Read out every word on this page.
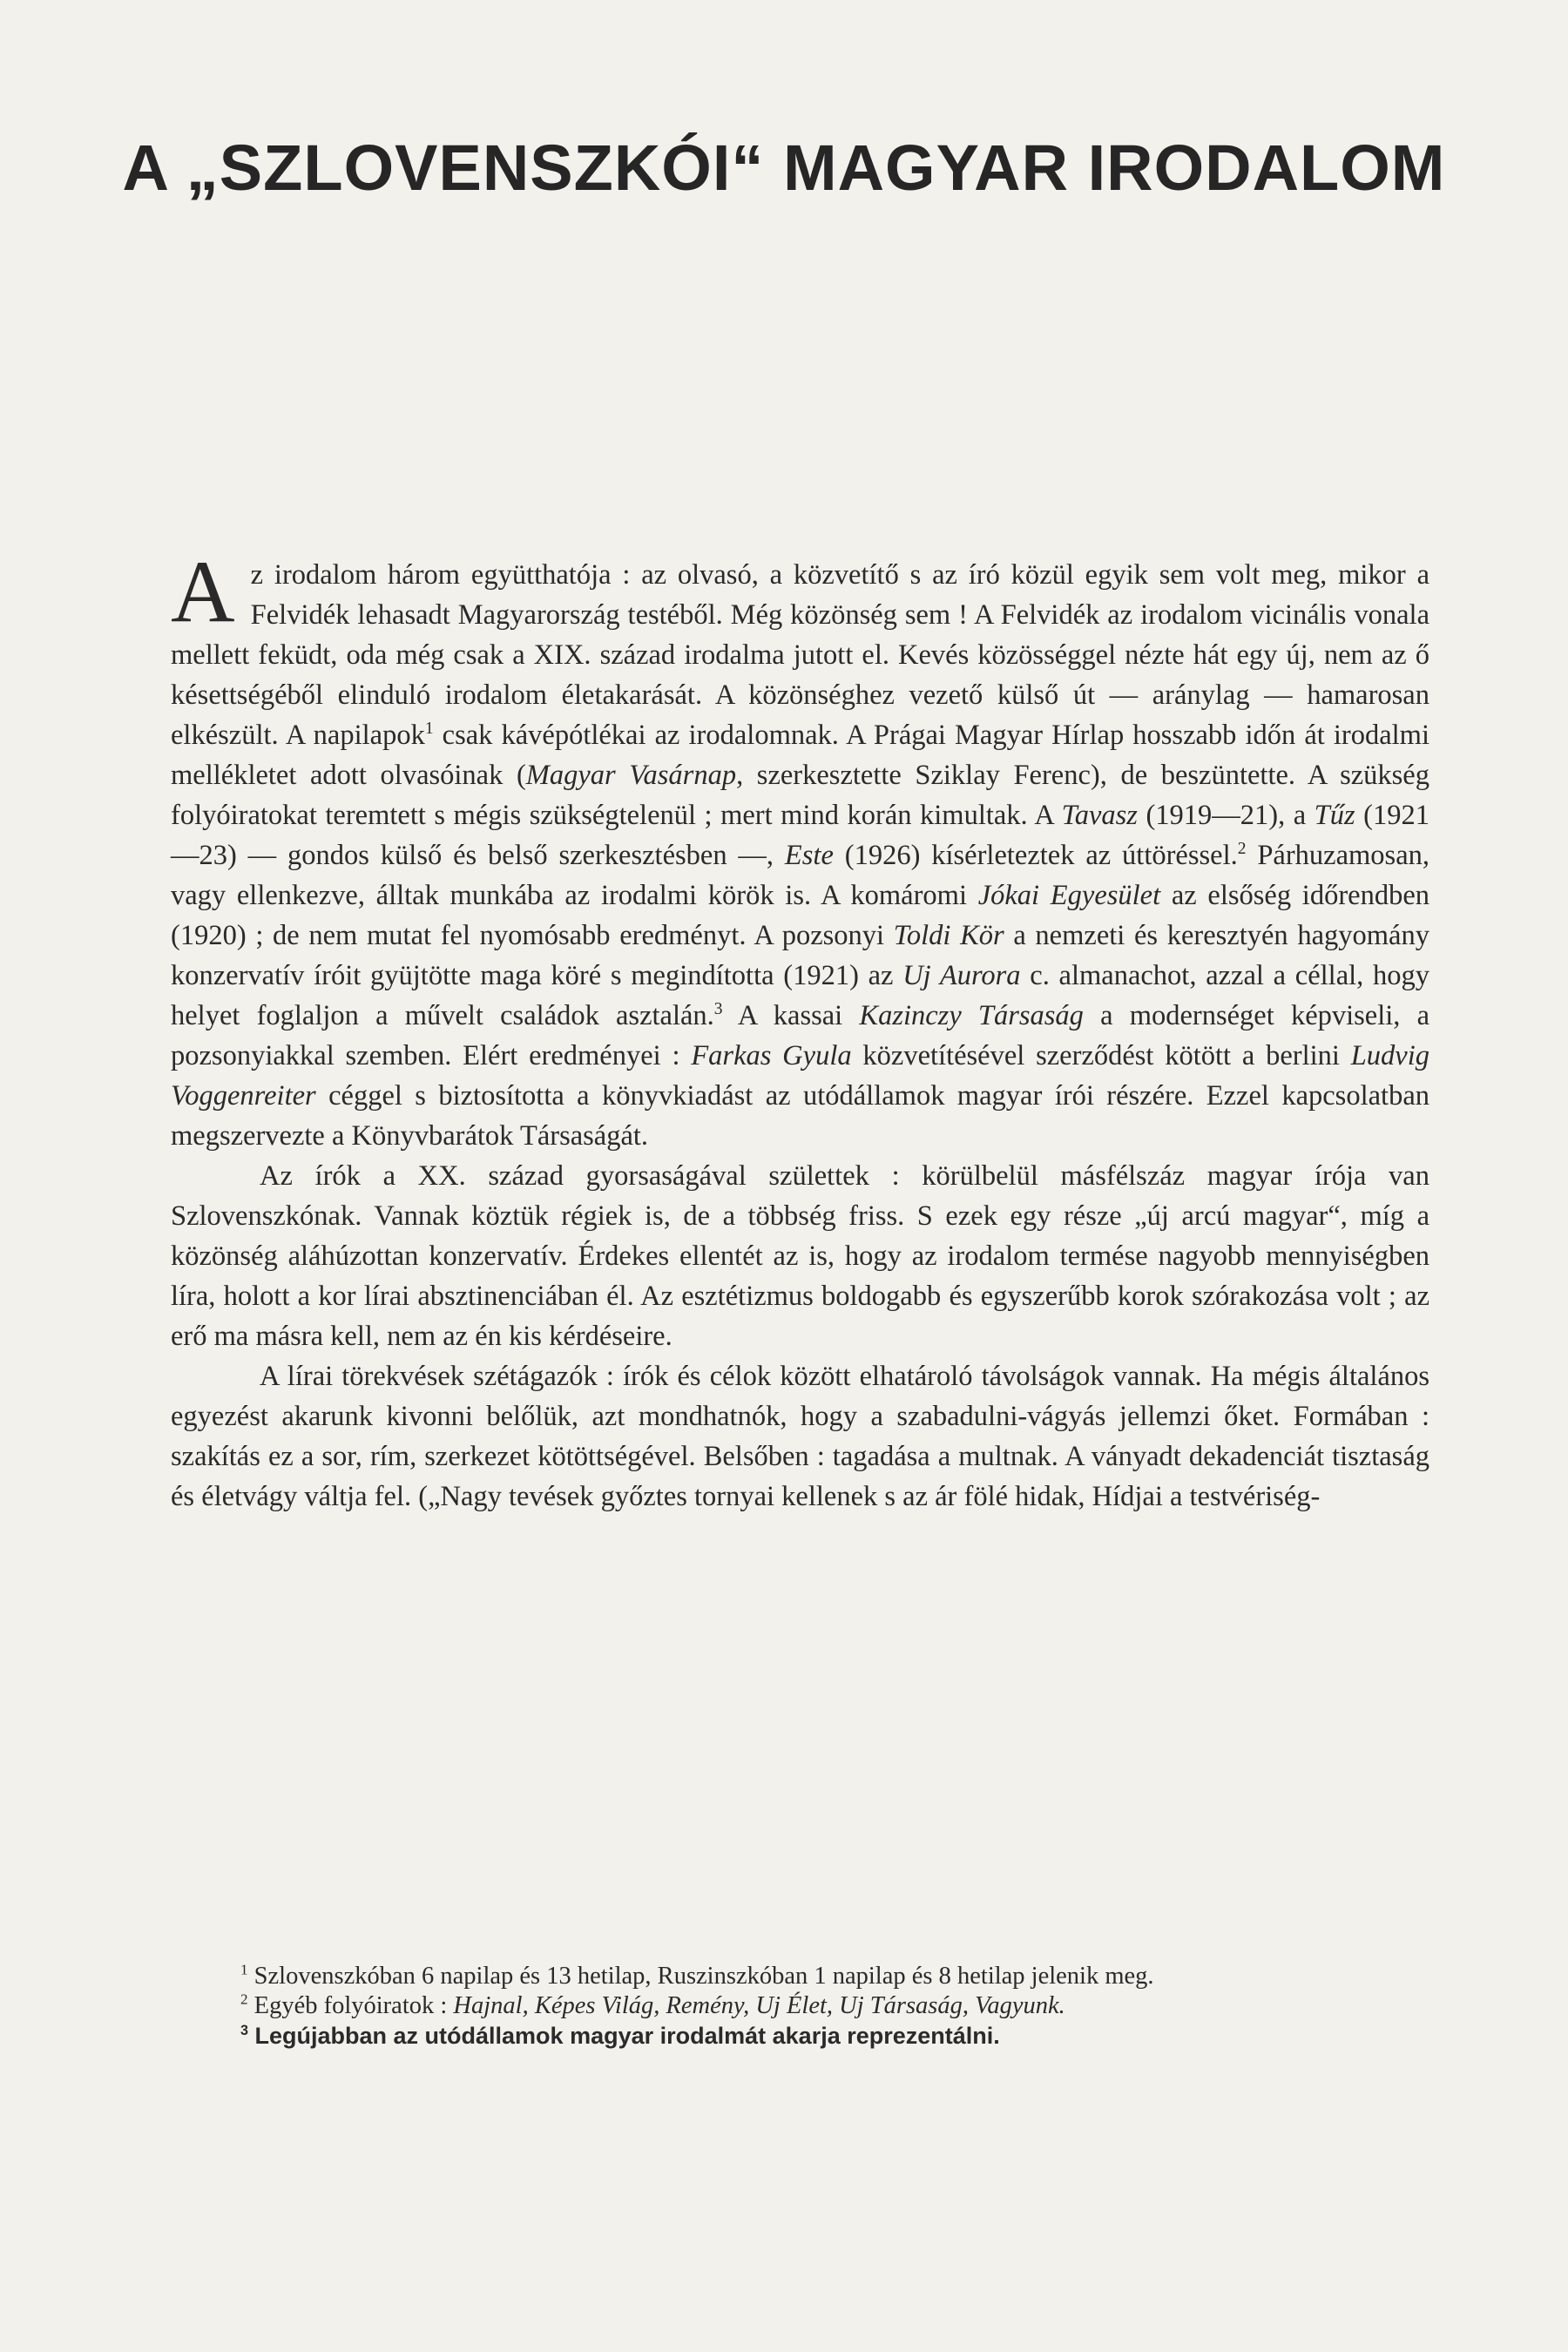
A „SZLOVENSZKÓI“ MAGYAR IRODALOM

A z irodalom három együtthatója : az olvasó, a közvetítő s az író közül egyik sem volt meg, mikor a Felvidék lehasadt Magyarország testéből. Még közönség sem ! A Felvidék az irodalom vicinális vonala mellett feküdt, oda még csak a XIX. század irodalma jutott el. Kevés közösséggel nézte hát egy új, nem az ő késettségéből elinduló irodalom életakarását. A közönséghez vezető külső út — aránylag — hamarosan elkészült. A napilapok$^1$ csak kávépótlékai az irodalomnak. A Prágai Magyar Hírlap hosszabb időn át irodalmi mellékletet adott olvasóinak (Magyar Vasárnap, szerkesztette Sziklay Ferenc), de beszüntette. A szükség folyóiratokat teremtett s mégis szükségtelenül ; mert mind korán kimultak. A Tavasz (1919—21), a Tűz (1921—23) — gondos külső és belső szerkesztésben —, Este (1926) kísérleteztek az úttöréssel.$^2$ Párhuzamosan, vagy ellenkezve, álltak munkába az irodalmi körök is. A komáromi Jókai Egyesület az elsőség időrendben (1920) ; de nem mutat fel nyomósabb eredményt. A pozsonyi Toldi Kör a nemzeti és keresztyén hagyomány konzervatív íróit gyüjtötte maga köré s megindította (1921) az Uj Aurora c. almanachot, azzal a céllal, hogy helyet foglaljon a művelt családok asztalán.$^3$ A kassai Kazinczy Társaság a modernséget képviseli, a pozsonyiakkal szemben. Elért eredményei : Farkas Gyula közvetítésével szerződést kötött a berlini Ludvig Voggenreiter céggel s biztosította a könyvkiadást az utódállamok magyar írói részére. Ezzel kapcsolatban megszervezte a Könyvbarátok Társaságát.

Az írók a XX. század gyorsaságával születtek : körülbelül másfélszáz magyar írója van Szlovenszkónak. Vannak köztük régiek is, de a többség friss. S ezek egy része „új arcú magyar“, míg a közönség aláhúzottan konzervatív. Érdekes ellentét az is, hogy az irodalom termése nagyobb mennyiségben líra, holott a kor lírai absztinenciában él. Az esztétizmus boldogabb és egyszerűbb korok szórakozása volt ; az erő ma másra kell, nem az én kis kérdéseire.

A lírai törekvések szétágazók : írók és célok között elhatároló távolságok vannak. Ha mégis általános egyezést akarunk kivonni belőlük, azt mondhatnók, hogy a szabadulni-vágyás jellemzi őket. Formában : szakítás ez a sor, rím, szerkezet kötöttségével. Belsőben : tagadása a multnak. A ványadt dekadenciát tisztaság és életvágy váltja fel. („Nagy tevések győztes tornyai kellenek s az ár fölé hidak, Hídjai a testvériség-

$^1$ Szlovenszkóban 6 napilap és 13 hetilap, Ruszinszkóban 1 napilap és 8 hetilap jelenik meg.

$^2$ Egyéb folyóiratok : Hajnal, Képes Világ, Remény, Uj Élet, Uj Társaság, Vagyunk.

$^3$ Legújabban az utódállamok magyar irodalmát akarja reprezentálni.
